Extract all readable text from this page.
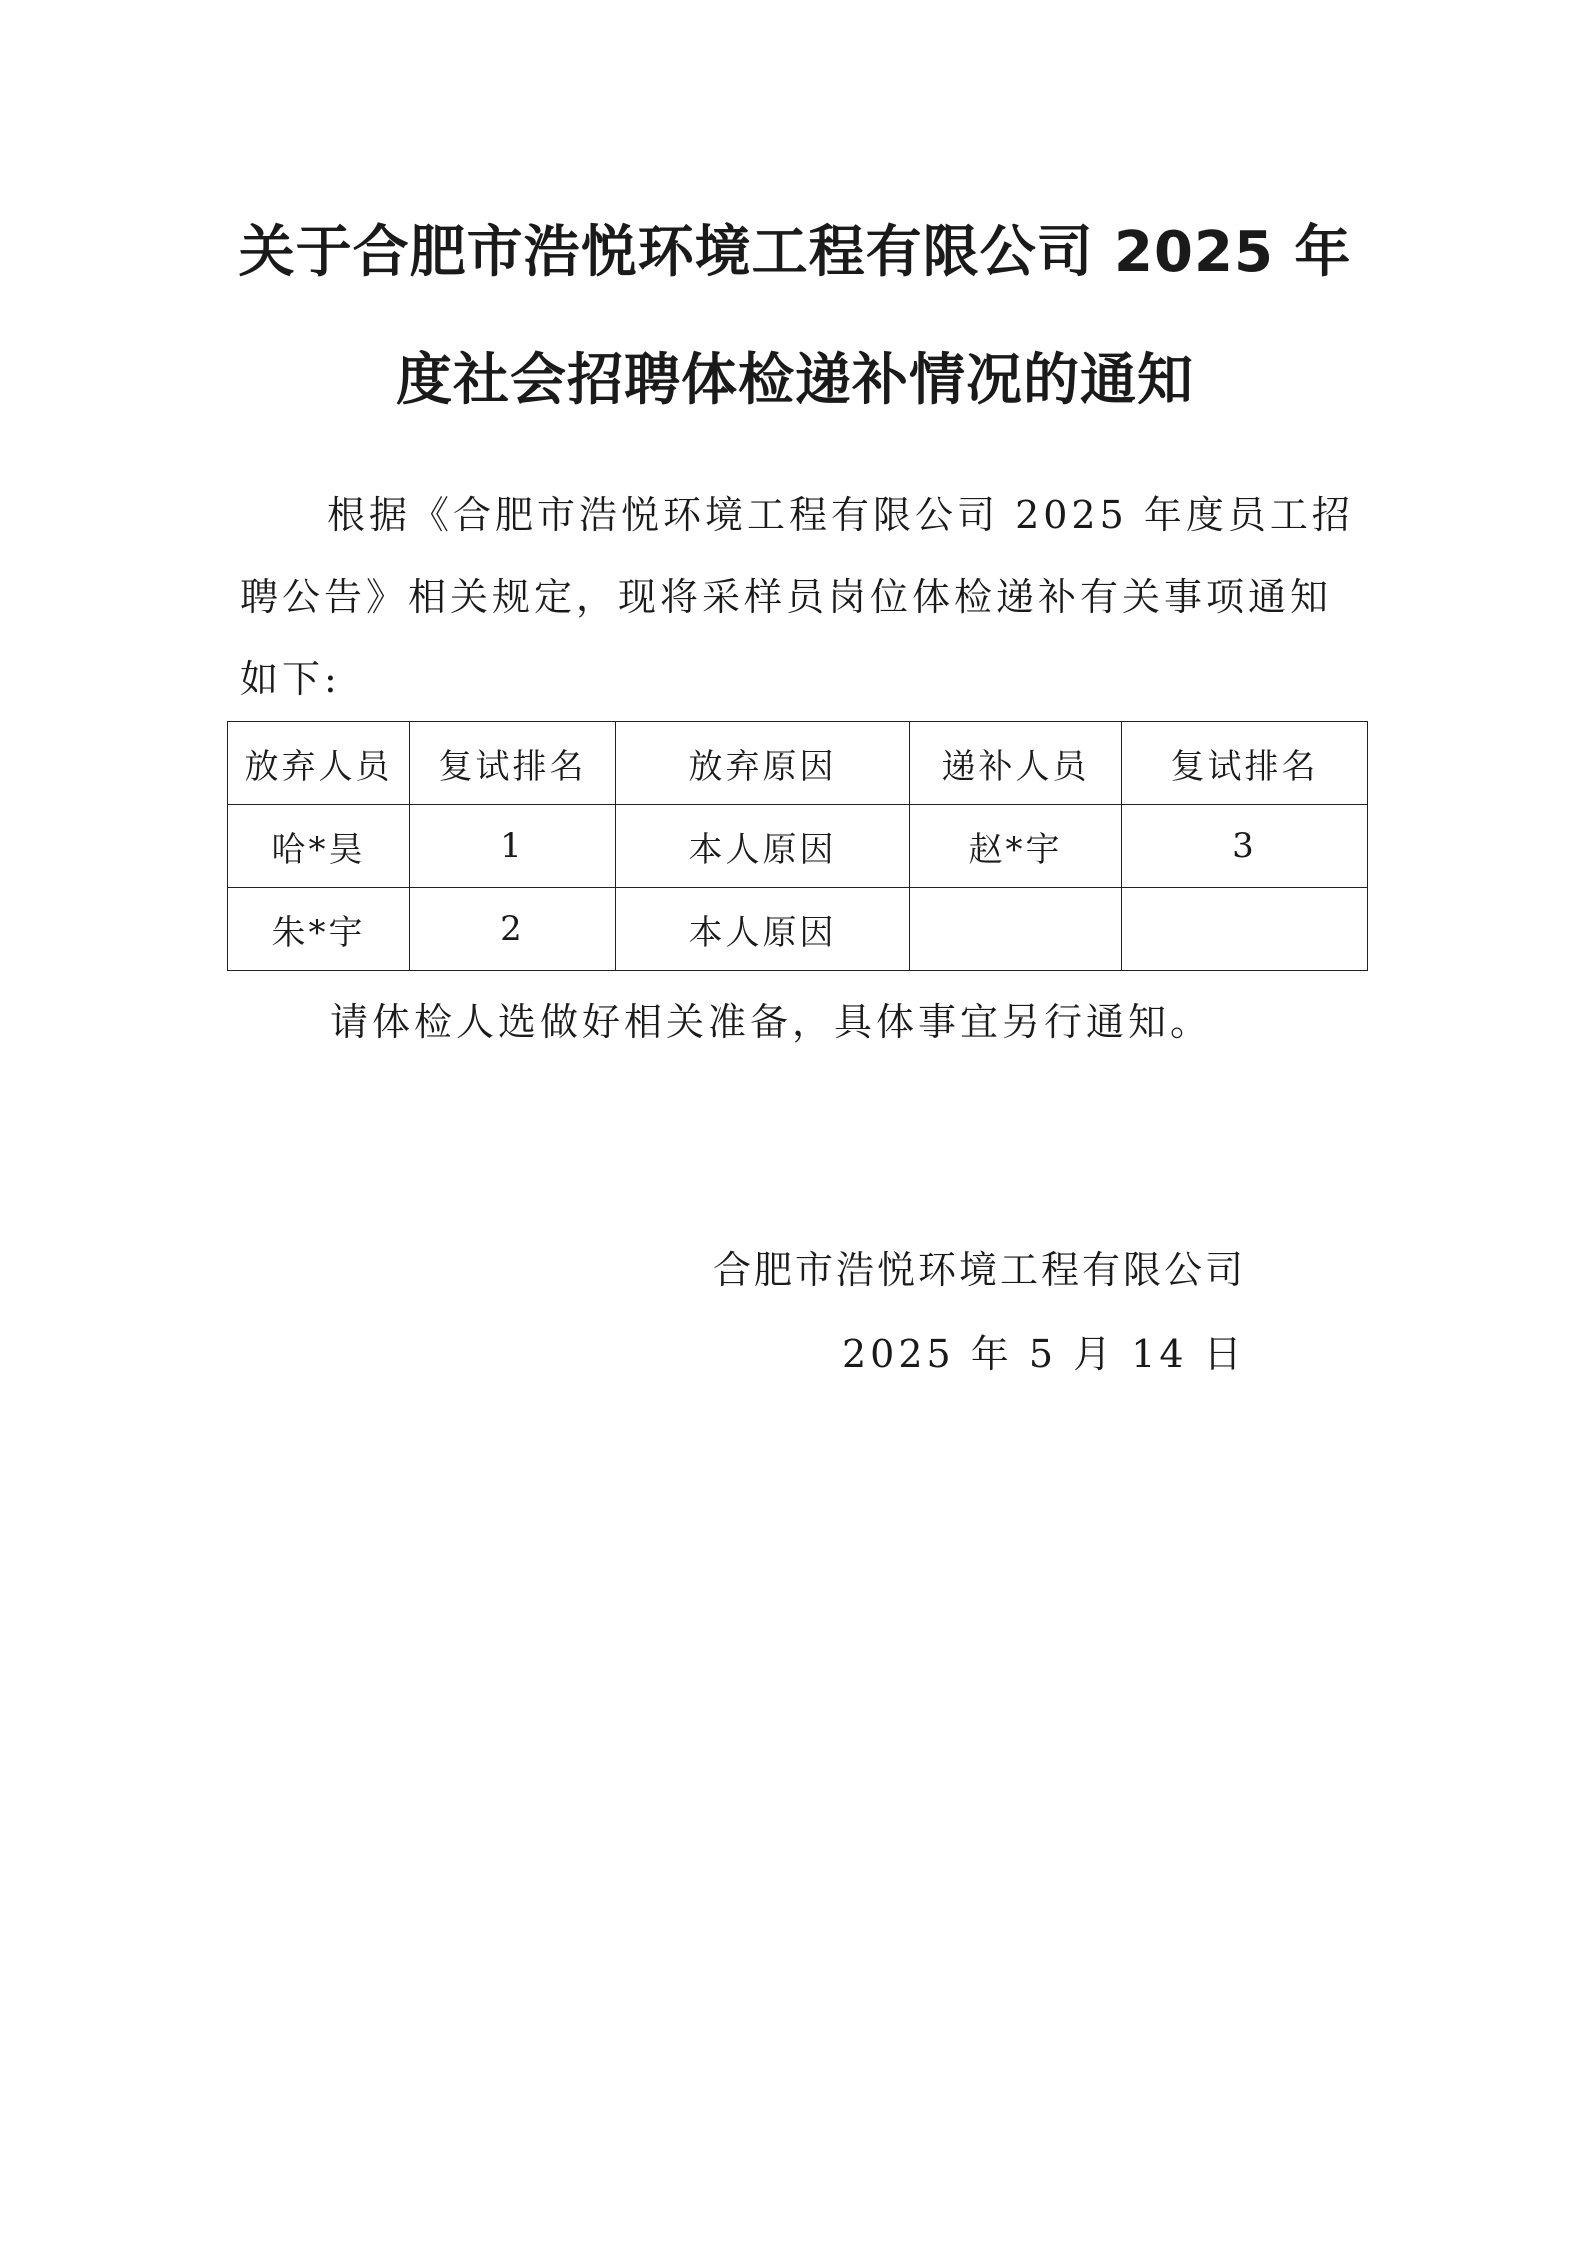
关于合肥市浩悦环境工程有限公司 2025 年
度社会招聘体检递补情况的通知
根据《合肥市浩悦环境工程有限公司 2025 年度员工招
聘公告》相关规定，现将采样员岗位体检递补有关事项通知
如下:
放弃人员	复试排名	放弃原因	递补人员	复试排名
哈*昊	1	本人原因	赵*宇	3
朱*宇	2	本人原因		
请体检人选做好相关准备，具体事宜另行通知。
合肥市浩悦环境工程有限公司
2025 年 5 月 14 日
